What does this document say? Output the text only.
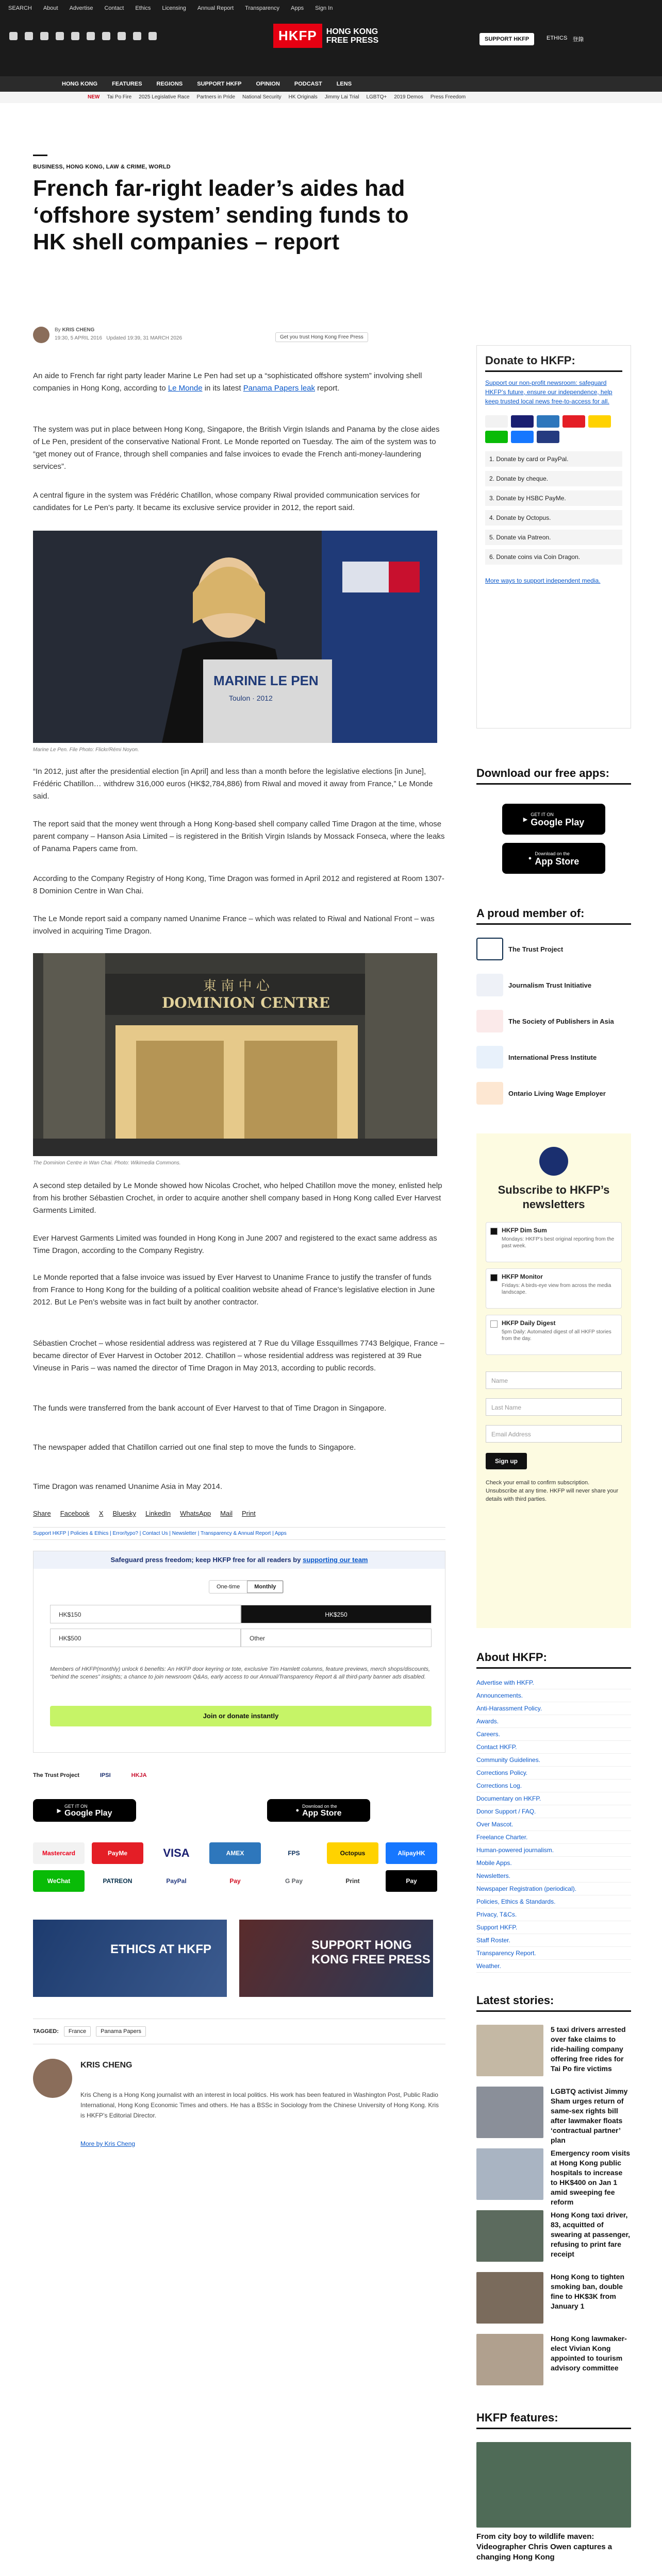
SEARCH About Advertise Contact Ethics Licensing Annual Report Transparency Apps Sign In
HKFP	HONG KONG
FREE PRESS	SUPPORT HKFP	ETHICS 登錄
HONG KONG	FEATURES	REGIONS	SUPPORT HKFP	OPINION	PODCAST	LENS
NEW Tai Po Fire 2025 Legislative Race Partners in Pride National Security HK Originals Jimmy Lai Trial LGBTQ+ 2019 Demos Press Freedom
BUSINESS, HONG KONG, LAW & CRIME, WORLD
French far-right leader’s aides had ‘offshore system’ sending funds to HK shell companies – report
By KRIS CHENG
19:30, 5 APRIL 2016 Updated 19:39, 31 MARCH 2026	Get you trust Hong Kong Free Press

An aide to French far right party leader Marine Le Pen had set up a “sophisticated offshore system” involving shell companies in Hong Kong, according to Le Monde in its latest Panama Papers leak report.

The system was put in place between Hong Kong, Singapore, the British Virgin Islands and Panama by the close aides of Le Pen, president of the conservative National Front. Le Monde reported on Tuesday. The aim of the system was to “get money out of France, through shell companies and false invoices to evade the French anti-money-laundering services”.

A central figure in the system was Frédéric Chatillon, whose company Riwal provided communication services for candidates for Le Pen’s party. It became its exclusive service provider in 2012, the report said.

MARINE LE PEN
Toulon · 2012
Marine Le Pen. File Photo: Flickr/Rémi Noyon.

“In 2012, just after the presidential election [in April] and less than a month before the legislative elections [in June], Frédéric Chatillon… withdrew 316,000 euros (HK$2,784,886) from Riwal and moved it away from France,” Le Monde said.

The report said that the money went through a Hong Kong-based shell company called Time Dragon at the time, whose parent company – Hanson Asia Limited – is registered in the British Virgin Islands by Mossack Fonseca, where the leaks of Panama Papers came from.

According to the Company Registry of Hong Kong, Time Dragon was formed in April 2012 and registered at Room 1307-8 Dominion Centre in Wan Chai.

The Le Monde report said a company named Unanime France – which was related to Riwal and National Front – was involved in acquiring Time Dragon.

東 南 中 心
DOMINION CENTRE
The Dominion Centre in Wan Chai. Photo: Wikimedia Commons.

A second step detailed by Le Monde showed how Nicolas Crochet, who helped Chatillon move the money, enlisted help from his brother Sébastien Crochet, in order to acquire another shell company based in Hong Kong called Ever Harvest Garments Limited.

Ever Harvest Garments Limited was founded in Hong Kong in June 2007 and registered to the exact same address as Time Dragon, according to the Company Registry.

Le Monde reported that a false invoice was issued by Ever Harvest to Unanime France to justify the transfer of funds from France to Hong Kong for the building of a political coalition website ahead of France’s legislative election in June 2012. But Le Pen’s website was in fact built by another contractor.

Sébastien Crochet – whose residential address was registered at 7 Rue du Village Essquillmes 7743 Belgique, France – became director of Ever Harvest in October 2012. Chatillon – whose residential address was registered at 39 Rue Vineuse in Paris – was named the director of Time Dragon in May 2013, according to public records.

The funds were transferred from the bank account of Ever Harvest to that of Time Dragon in Singapore.

The newspaper added that Chatillon carried out one final step to move the funds to Singapore.

Time Dragon was renamed Unanime Asia in May 2014.

Share Facebook X Bluesky LinkedIn WhatsApp Mail Print
Support HKFP | Policies & Ethics | Error/typo? | Contact Us | Newsletter | Transparency & Annual Report | Apps
Safeguard press freedom; keep HKFP free for all readers by supporting our team
One-time	Monthly
HK$150	HK$250
HK$500	Other
Members of HKFP(monthly) unlock 6 benefits: An HKFP door keyring or tote, exclusive Tim Hamlett columns, feature previews, merch shops/discounts, “behind the scenes” insights; a chance to join newsroom Q&As, early access to our Annual/Transparency Report & all third-party banner ads disabled.
Join or donate instantly
The Trust Project	IPSI	HKJA
▶
GET IT ON
Google Play	●
Download on the
App Store
Mastercard	PayMe	VISA	AMEX	FPS	Octopus	AlipayHK
WeChat	PATREON	PayPal	Pay	G Pay	Print	Pay
ETHICS AT HKFP	SUPPORT HONG KONG FREE PRESS
TAGGED:	France	Panama Papers
KRIS CHENG
Kris Cheng is a Hong Kong journalist with an interest in local politics. His work has been featured in Washington Post, Public Radio International, Hong Kong Economic Times and others. He has a BSSc in Sociology from the Chinese University of Hong Kong. Kris is HKFP’s Editorial Director.
More by Kris Cheng
Donate to HKFP:
Support our non-profit newsroom: safeguard HKFP’s future, ensure our independence, help keep trusted local news free-to-access for all.
1. Donate by card or PayPal.
2. Donate by cheque.
3. Donate by HSBC PayMe.
4. Donate by Octopus.
5. Donate via Patreon.
6. Donate coins via Coin Dragon.
More ways to support independent media.
Download our free apps:
▶
GET IT ON
Google Play
●
Download on the
App Store
A proud member of:
The Trust Project
Journalism Trust Initiative
The Society of Publishers in Asia
International Press Institute
Ontario Living Wage Employer
Subscribe to HKFP’s newsletters
HKFP Dim Sum
Mondays: HKFP’s best original reporting from the past week.
HKFP Monitor
Fridays: A birds-eye view from across the media landscape.
HKFP Daily Digest
5pm Daily: Automated digest of all HKFP stories from the day.
Name
Last Name
Email Address
Sign up
Check your email to confirm subscription. Unsubscribe at any time. HKFP will never share your details with third parties.
About HKFP:
Advertise with HKFP.
Announcements.
Anti-Harassment Policy.
Awards.
Careers.
Contact HKFP.
Community Guidelines.
Corrections Policy.
Corrections Log.
Documentary on HKFP.
Donor Support / FAQ.
Over Mascot.
Freelance Charter.
Human-powered journalism.
Mobile Apps.
Newsletters.
Newspaper Registration (periodical).
Policies, Ethics & Standards.
Privacy, T&Cs.
Support HKFP.
Staff Roster.
Transparency Report.
Weather.
Latest stories:
5 taxi drivers arrested over fake claims to ride-hailing company offering free rides for Tai Po fire victims
LGBTQ activist Jimmy Sham urges return of same-sex rights bill after lawmaker floats ‘contractual partner’ plan
Emergency room visits at Hong Kong public hospitals to increase to HK$400 on Jan 1 amid sweeping fee reform
Hong Kong taxi driver, 83, acquitted of swearing at passenger, refusing to print fare receipt
Hong Kong to tighten smoking ban, double fine to HK$3K from January 1
Hong Kong lawmaker-elect Vivian Kong appointed to tourism advisory committee
HKFP features:
From city boy to wildlife maven: Videographer Chris Owen captures a changing Hong Kong
